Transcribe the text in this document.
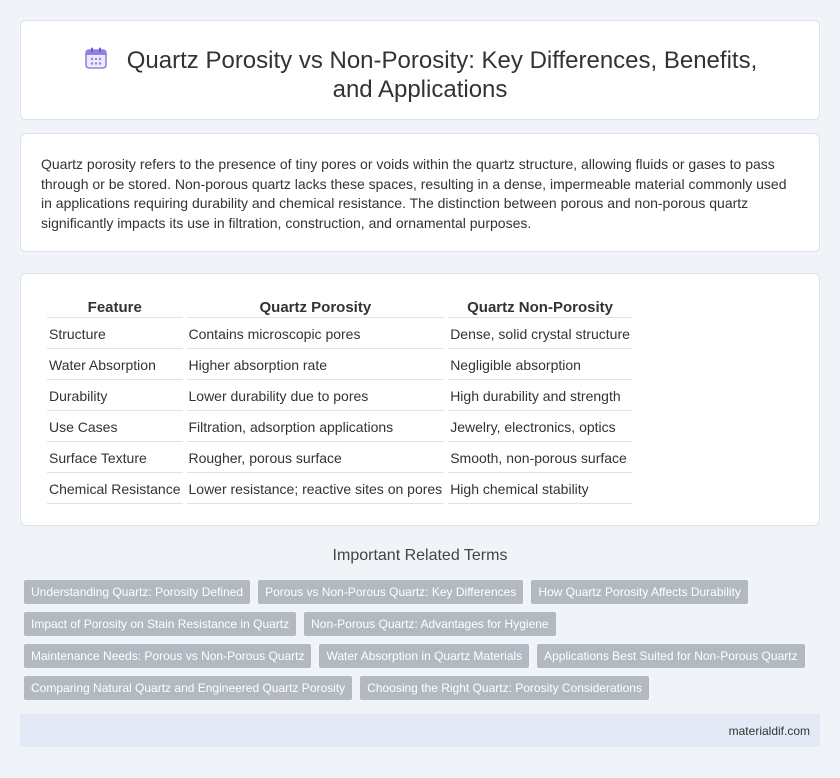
Quartz Porosity vs Non-Porosity: Key Differences, Benefits, and Applications

Quartz porosity refers to the presence of tiny pores or voids within the quartz structure, allowing fluids or gases to pass through or be stored. Non-porous quartz lacks these spaces, resulting in a dense, impermeable material commonly used in applications requiring durability and chemical resistance. The distinction between porous and non-porous quartz significantly impacts its use in filtration, construction, and ornamental purposes.

Feature	Quartz Porosity	Quartz Non-Porosity
Structure	Contains microscopic pores	Dense, solid crystal structure
Water Absorption	Higher absorption rate	Negligible absorption
Durability	Lower durability due to pores	High durability and strength
Use Cases	Filtration, adsorption applications	Jewelry, electronics, optics
Surface Texture	Rougher, porous surface	Smooth, non-porous surface
Chemical Resistance	Lower resistance; reactive sites on pores	High chemical stability
Important Related Terms
Understanding Quartz: Porosity Defined	Porous vs Non-Porous Quartz: Key Differences	How Quartz Porosity Affects Durability
Impact of Porosity on Stain Resistance in Quartz	Non-Porous Quartz: Advantages for Hygiene
Maintenance Needs: Porous vs Non-Porous Quartz	Water Absorption in Quartz Materials	Applications Best Suited for Non-Porous Quartz
Comparing Natural Quartz and Engineered Quartz Porosity	Choosing the Right Quartz: Porosity Considerations
materialdif.com
